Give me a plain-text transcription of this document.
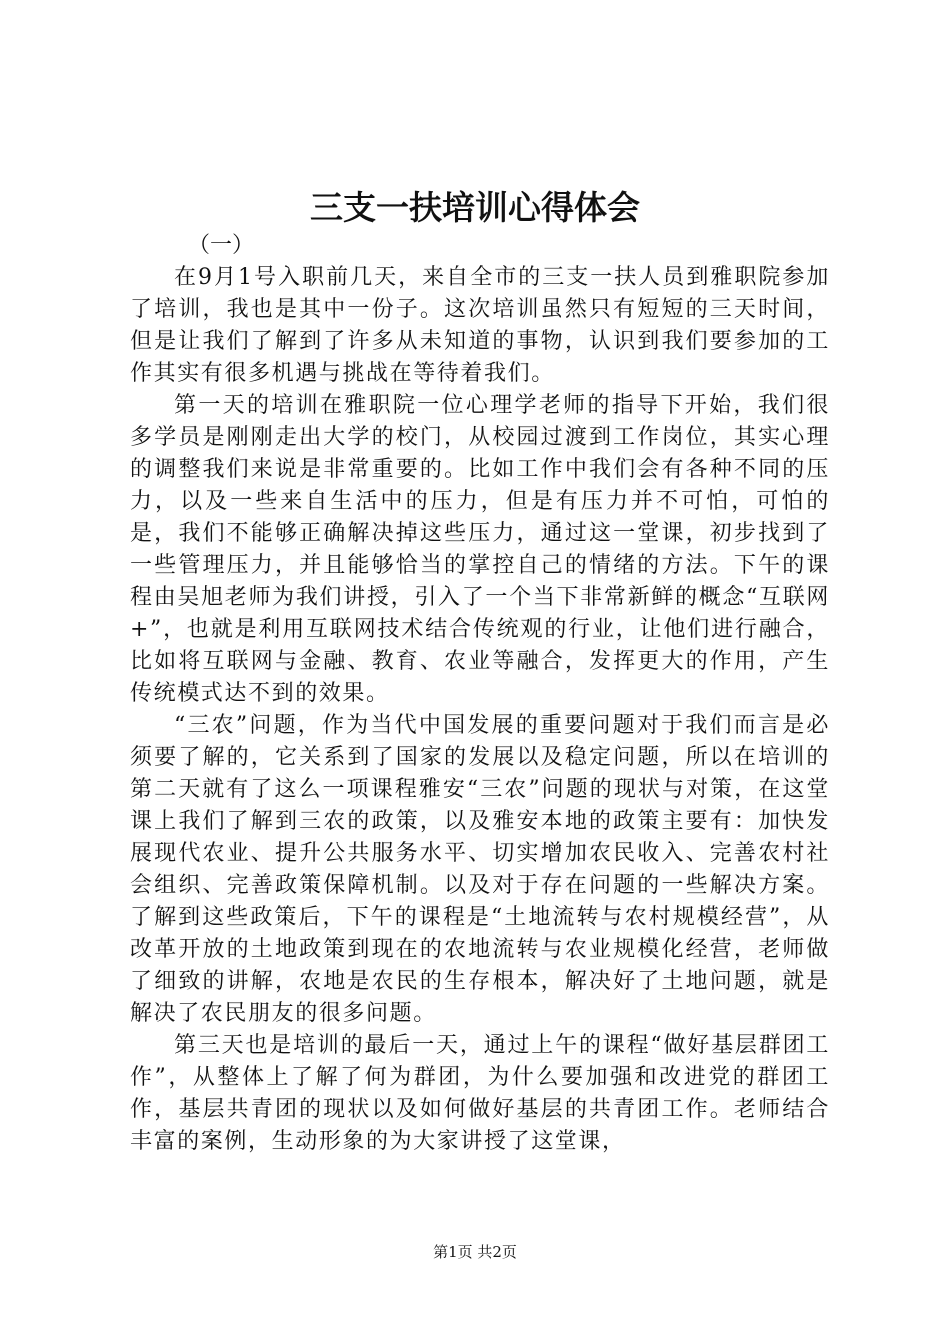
三支一扶培训心得体会

（一）

在9月1号入职前几天，来自全市的三支一扶人员到雅职院参加了培训，我也是其中一份子。这次培训虽然只有短短的三天时间，但是让我们了解到了许多从未知道的事物，认识到我们要参加的工作其实有很多机遇与挑战在等待着我们。

第一天的培训在雅职院一位心理学老师的指导下开始，我们很多学员是刚刚走出大学的校门，从校园过渡到工作岗位，其实心理的调整我们来说是非常重要的。比如工作中我们会有各种不同的压力，以及一些来自生活中的压力，但是有压力并不可怕，可怕的是，我们不能够正确解决掉这些压力，通过这一堂课，初步找到了一些管理压力，并且能够恰当的掌控自己的情绪的方法。下午的课程由吴旭老师为我们讲授，引入了一个当下非常新鲜的概念“互联网+”，也就是利用互联网技术结合传统观的行业，让他们进行融合，比如将互联网与金融、教育、农业等融合，发挥更大的作用，产生传统模式达不到的效果。

“三农”问题，作为当代中国发展的重要问题对于我们而言是必须要了解的，它关系到了国家的发展以及稳定问题，所以在培训的第二天就有了这么一项课程雅安“三农”问题的现状与对策，在这堂课上我们了解到三农的政策，以及雅安本地的政策主要有：加快发展现代农业、提升公共服务水平、切实增加农民收入、完善农村社会组织、完善政策保障机制。以及对于存在问题的一些解决方案。了解到这些政策后，下午的课程是“土地流转与农村规模经营”，从改革开放的土地政策到现在的农地流转与农业规模化经营，老师做了细致的讲解，农地是农民的生存根本，解决好了土地问题，就是解决了农民朋友的很多问题。

第三天也是培训的最后一天，通过上午的课程“做好基层群团工作”，从整体上了解了何为群团，为什么要加强和改进党的群团工作，基层共青团的现状以及如何做好基层的共青团工作。老师结合丰富的案例，生动形象的为大家讲授了这堂课，

第1页 共2页
